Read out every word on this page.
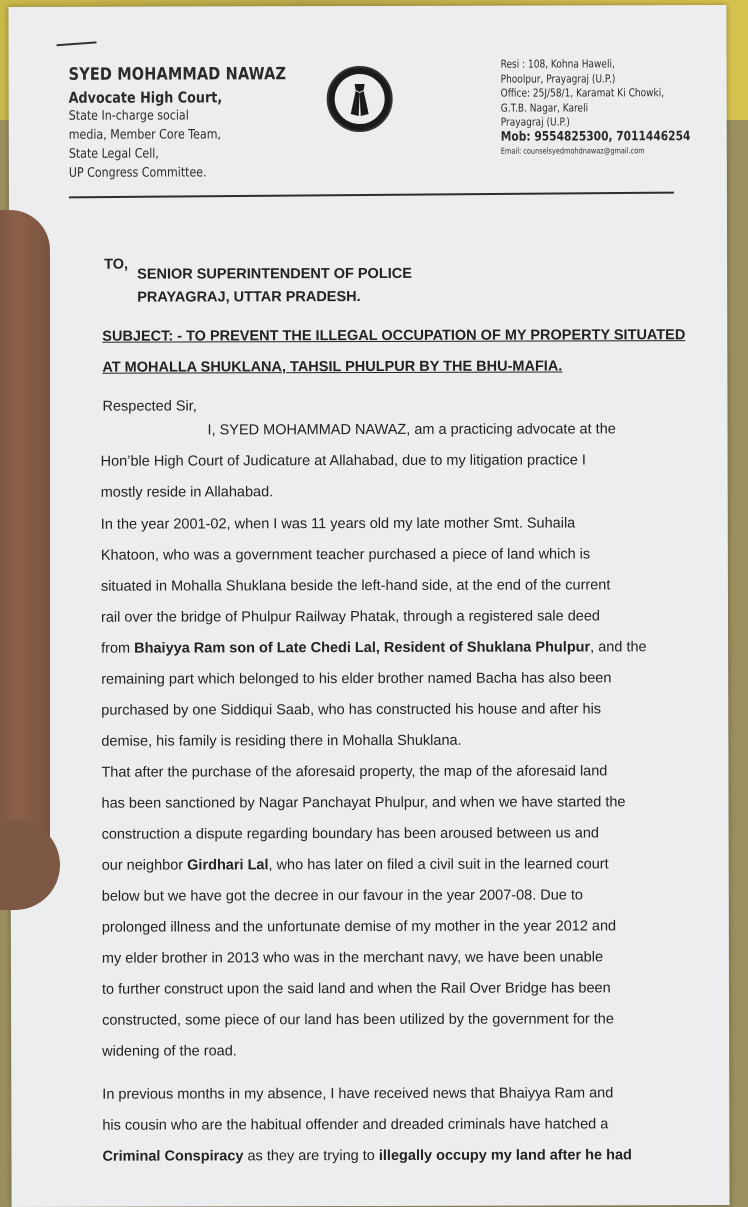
SYED MOHAMMAD NAWAZ
Advocate High Court,
State In-charge social
media, Member Core Team,
State Legal Cell,
UP Congress Committee.
Resi : 108, Kohna Haweli,
Phoolpur, Prayagraj (U.P.)
Office: 25J/58/1, Karamat Ki Chowki,
G.T.B. Nagar, Kareli
Prayagraj (U.P.)
Mob: 9554825300, 7011446254
Email: counselsyedmohdnawaz@gmail.com
TO,
SENIOR SUPERINTENDENT OF POLICE
PRAYAGRAJ, UTTAR PRADESH.
SUBJECT: - TO PREVENT THE ILLEGAL OCCUPATION OF MY PROPERTY SITUATED
AT MOHALLA SHUKLANA, TAHSIL PHULPUR BY THE BHU-MAFIA.
Respected Sir,
I, SYED MOHAMMAD NAWAZ, am a practicing advocate at the
Hon’ble High Court of Judicature at Allahabad, due to my litigation practice I
mostly reside in Allahabad.
In the year 2001-02, when I was 11 years old my late mother Smt. Suhaila
Khatoon, who was a government teacher purchased a piece of land which is
situated in Mohalla Shuklana beside the left-hand side, at the end of the current
rail over the bridge of Phulpur Railway Phatak, through a registered sale deed
from Bhaiyya Ram son of Late Chedi Lal, Resident of Shuklana Phulpur, and the
remaining part which belonged to his elder brother named Bacha has also been
purchased by one Siddiqui Saab, who has constructed his house and after his
demise, his family is residing there in Mohalla Shuklana.
That after the purchase of the aforesaid property, the map of the aforesaid land
has been sanctioned by Nagar Panchayat Phulpur, and when we have started the
construction a dispute regarding boundary has been aroused between us and
our neighbor Girdhari Lal, who has later on filed a civil suit in the learned court
below but we have got the decree in our favour in the year 2007-08. Due to
prolonged illness and the unfortunate demise of my mother in the year 2012 and
my elder brother in 2013 who was in the merchant navy, we have been unable
to further construct upon the said land and when the Rail Over Bridge has been
constructed, some piece of our land has been utilized by the government for the
widening of the road.
In previous months in my absence, I have received news that Bhaiyya Ram and
his cousin who are the habitual offender and dreaded criminals have hatched a
Criminal Conspiracy as they are trying to illegally occupy my land after he had
